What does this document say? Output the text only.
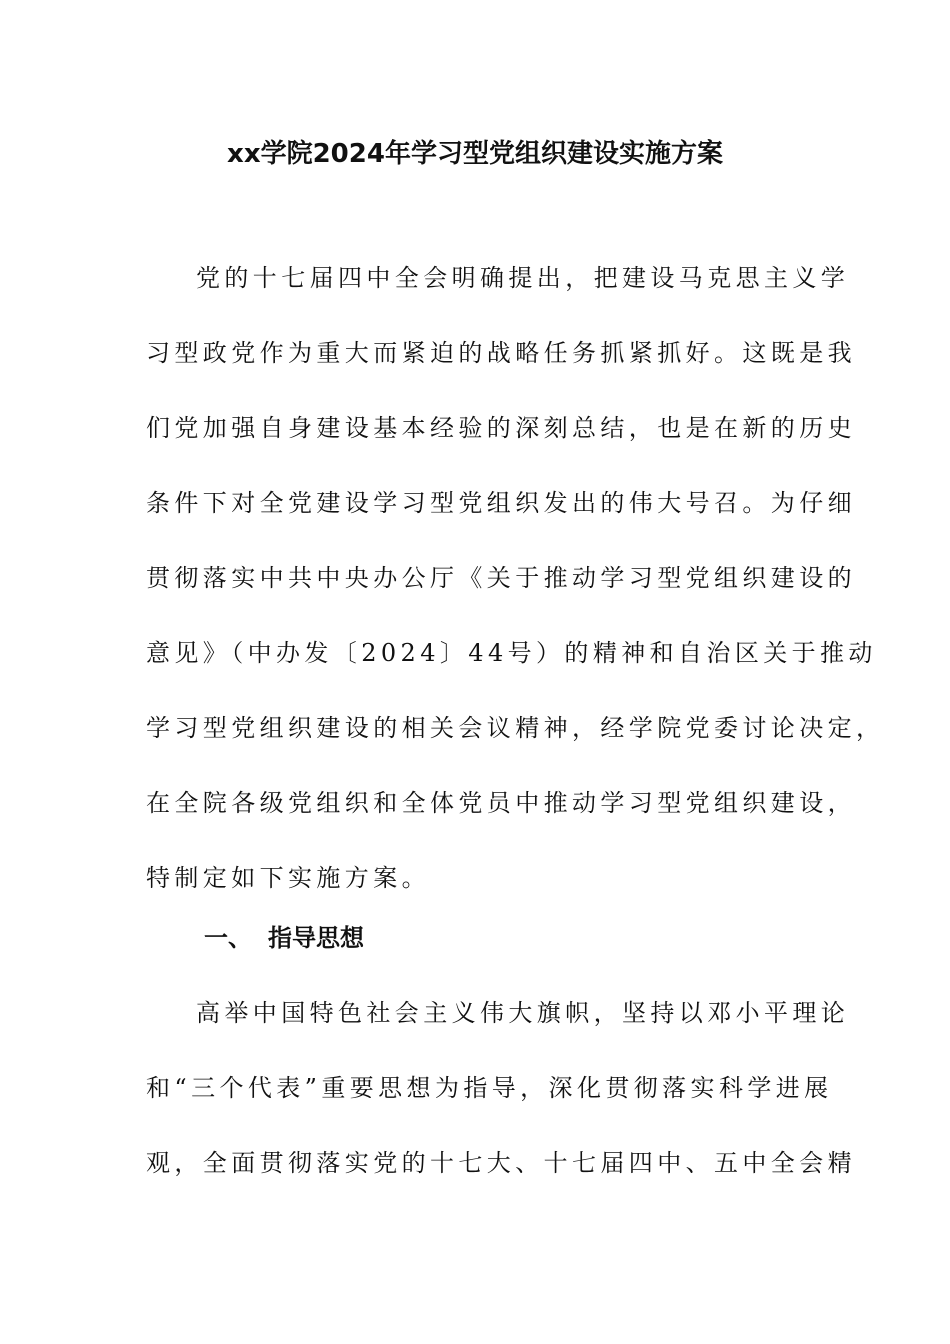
xx学院2024年学习型党组织建设实施方案
党的十七届四中全会明确提出，把建设马克思主义学
习型政党作为重大而紧迫的战略任务抓紧抓好。这既是我
们党加强自身建设基本经验的深刻总结，也是在新的历史
条件下对全党建设学习型党组织发出的伟大号召。为仔细
贯彻落实中共中央办公厅《关于推动学习型党组织建设的
意见》（中办发〔2024〕44号）的精神和自治区关于推动
学习型党组织建设的相关会议精神，经学院党委讨论决定，
在全院各级党组织和全体党员中推动学习型党组织建设，
特制定如下实施方案。
一、 指导思想
高举中国特色社会主义伟大旗帜，坚持以邓小平理论
和“三个代表”重要思想为指导，深化贯彻落实科学进展
观，全面贯彻落实党的十七大、十七届四中、五中全会精
